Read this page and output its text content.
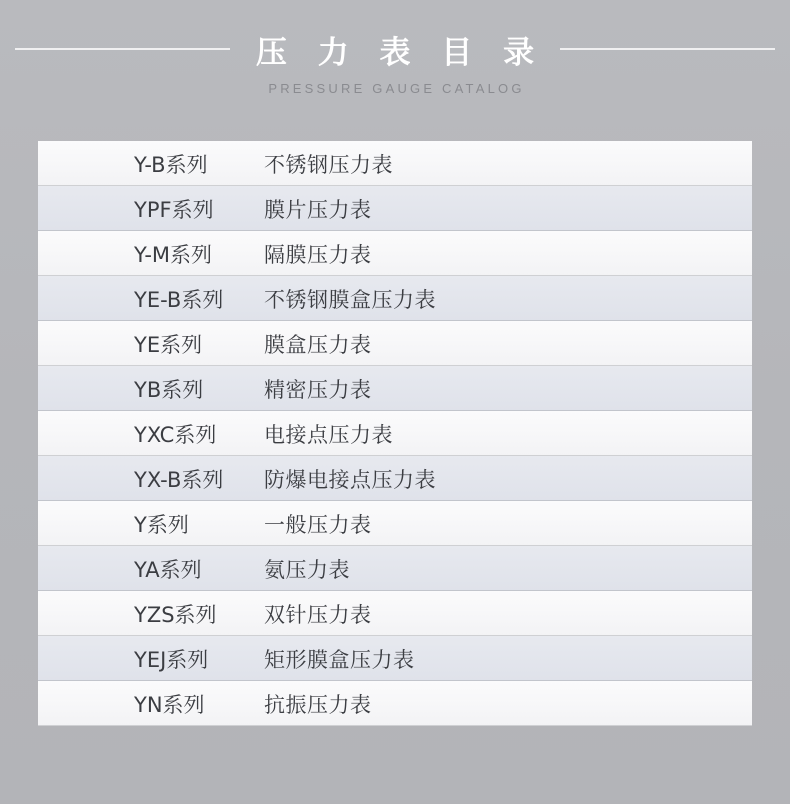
压 力 表 目 录
PRESSURE GAUGE CATALOG
Y-B系列	不锈钢压力表
YPF系列	膜片压力表
Y-M系列	隔膜压力表
YE-B系列	不锈钢膜盒压力表
YE系列	膜盒压力表
YB系列	精密压力表
YXC系列	电接点压力表
YX-B系列	防爆电接点压力表
Y系列	一般压力表
YA系列	氨压力表
YZS系列	双针压力表
YEJ系列	矩形膜盒压力表
YN系列	抗振压力表
